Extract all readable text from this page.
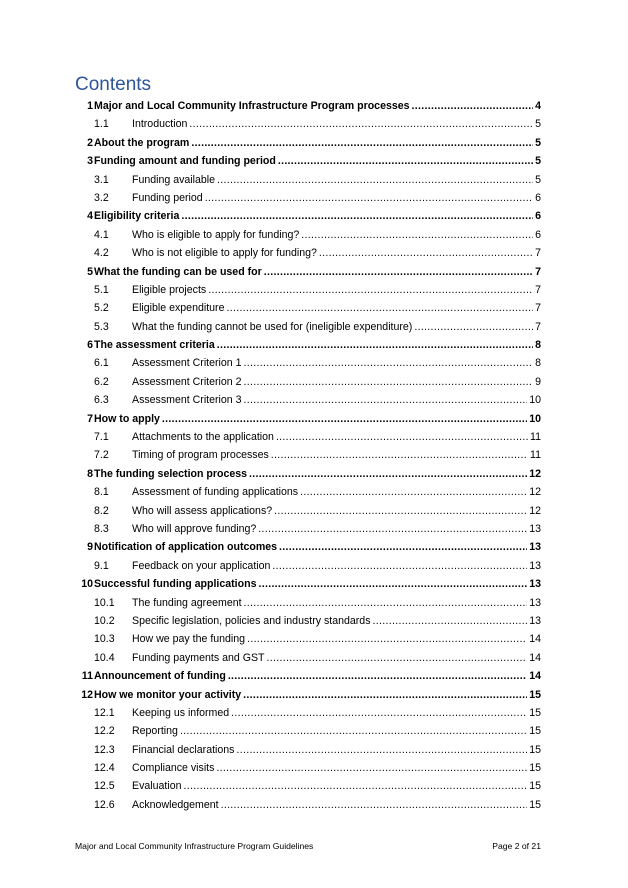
Contents
1 Major and Local Community Infrastructure Program processes .....	4
1.1 Introduction .....	5
2 About the program .....	5
3 Funding amount and funding period .....	5
3.1 Funding available .....	5
3.2 Funding period .....	6
4 Eligibility criteria .....	6
4.1 Who is eligible to apply for funding? .....	6
4.2 Who is not eligible to apply for funding? .....	7
5 What the funding can be used for .....	7
5.1 Eligible projects .....	7
5.2 Eligible expenditure .....	7
5.3 What the funding cannot be used for (ineligible expenditure) .....	7
6 The assessment criteria .....	8
6.1 Assessment Criterion 1 .....	8
6.2 Assessment Criterion 2 .....	9
6.3 Assessment Criterion 3 .....	10
7 How to apply .....	10
7.1 Attachments to the application .....	11
7.2 Timing of program processes .....	11
8 The funding selection process .....	12
8.1 Assessment of funding applications .....	12
8.2 Who will assess applications? .....	12
8.3 Who will approve funding? .....	13
9 Notification of application outcomes .....	13
9.1 Feedback on your application .....	13
10 Successful funding applications .....	13
10.1 The funding agreement .....	13
10.2 Specific legislation, policies and industry standards .....	13
10.3 How we pay the funding .....	14
10.4 Funding payments and GST .....	14
11 Announcement of funding .....	14
12 How we monitor your activity .....	15
12.1 Keeping us informed .....	15
12.2 Reporting .....	15
12.3 Financial declarations .....	15
12.4 Compliance visits .....	15
12.5 Evaluation .....	15
12.6 Acknowledgement .....	15
Major and Local Community Infrastructure Program Guidelines	Page 2 of 21
